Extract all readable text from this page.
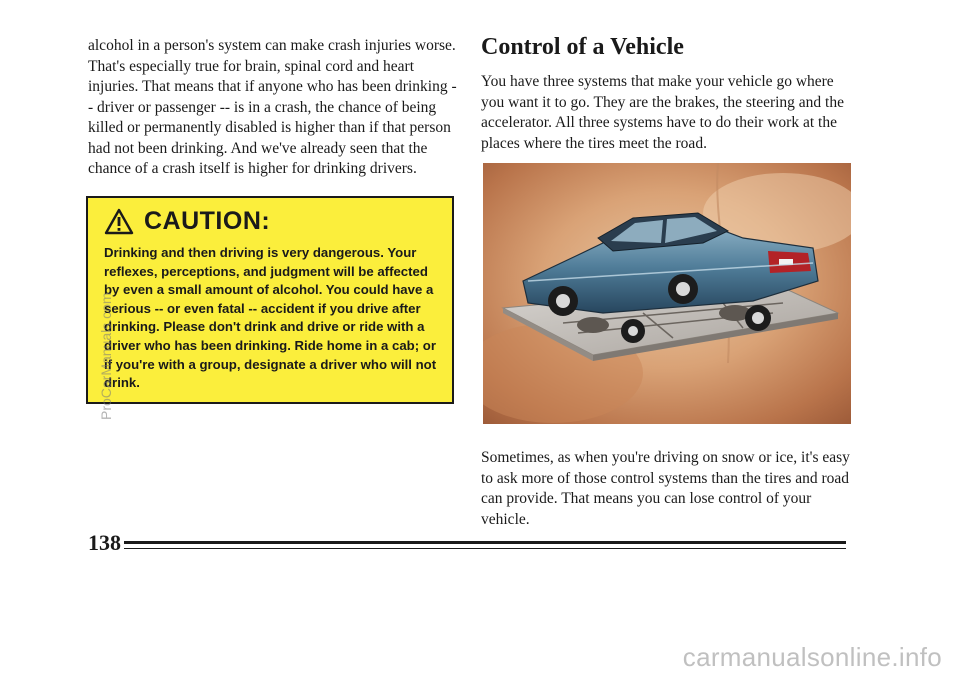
alcohol in a person's system can make crash injuries worse. That's especially true for brain, spinal cord and heart injuries. That means that if anyone who has been drinking -- driver or passenger -- is in a crash, the chance of being killed or permanently disabled is higher than if that person had not been drinking. And we've already seen that the chance of a crash itself is higher for drinking drivers.

CAUTION:

Drinking and then driving is very dangerous. Your reflexes, perceptions, and judgment will be affected by even a small amount of alcohol. You could have a serious -- or even fatal -- accident if you drive after drinking. Please don't drink and drive or ride with a driver who has been drinking. Ride home in a cab; or if you're with a group, designate a driver who will not drink.

Control of a Vehicle

You have three systems that make your vehicle go where you want it to go. They are the brakes, the steering and the accelerator. All three systems have to do their work at the places where the tires meet the road.

Sometimes, as when you're driving on snow or ice, it's easy to ask more of those control systems than the tires and road can provide. That means you can lose control of your vehicle.

138
ProCarManuals.com
carmanualsonline.info
